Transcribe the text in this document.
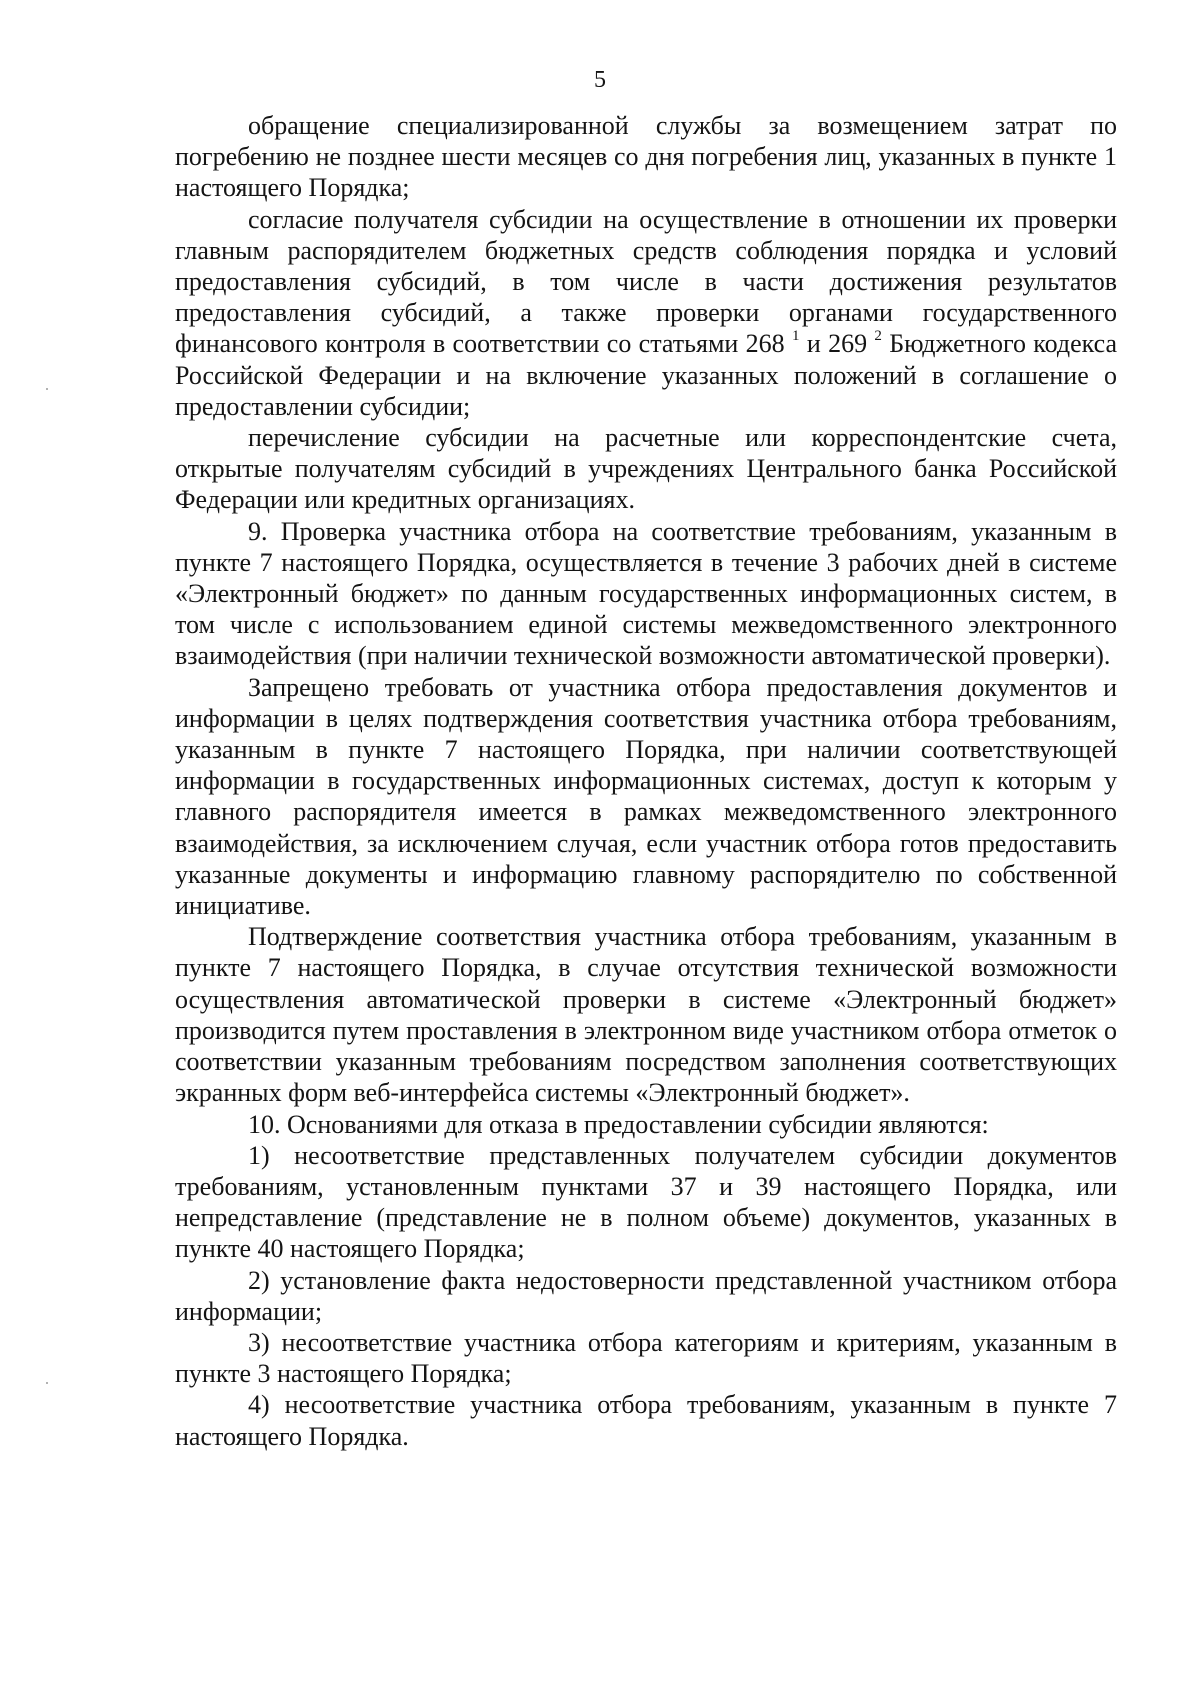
5

обращение специализированной службы за возмещением затрат по погребению не позднее шести месяцев со дня погребения лиц, указанных в пункте 1 настоящего Порядка;

согласие получателя субсидии на осуществление в отношении их проверки главным распорядителем бюджетных средств соблюдения порядка и условий предоставления субсидий, в том числе в части достижения результатов предоставления субсидий, а также проверки органами государственного финансового контроля в соответствии со статьями 268 $^1$ и 269 $^2$ Бюджетного кодекса Российской Федерации и на включение указанных положений в соглашение о предоставлении субсидии;

перечисление субсидии на расчетные или корреспондентские счета, открытые получателям субсидий в учреждениях Центрального банка Российской Федерации или кредитных организациях.

9. Проверка участника отбора на соответствие требованиям, указанным в пункте 7 настоящего Порядка, осуществляется в течение 3 рабочих дней в системе «Электронный бюджет» по данным государственных информационных систем, в том числе с использованием единой системы межведомственного электронного взаимодействия (при наличии технической возможности автоматической проверки).

Запрещено требовать от участника отбора предоставления документов и информации в целях подтверждения соответствия участника отбора требованиям, указанным в пункте 7 настоящего Порядка, при наличии соответствующей информации в государственных информационных системах, доступ к которым у главного распорядителя имеется в рамках межведомственного электронного взаимодействия, за исключением случая, если участник отбора готов предоставить указанные документы и информацию главному распорядителю по собственной инициативе.

Подтверждение соответствия участника отбора требованиям, указанным в пункте 7 настоящего Порядка, в случае отсутствия технической возможности осуществления автоматической проверки в системе «Электронный бюджет» производится путем проставления в электронном виде участником отбора отметок о соответствии указанным требованиям посредством заполнения соответствующих экранных форм веб-интерфейса системы «Электронный бюджет».

10. Основаниями для отказа в предоставлении субсидии являются:

1) несоответствие представленных получателем субсидии документов требованиям, установленным пунктами 37 и 39 настоящего Порядка, или непредставление (представление не в полном объеме) документов, указанных в пункте 40 настоящего Порядка;

2) установление факта недостоверности представленной участником отбора информации;

3) несоответствие участника отбора категориям и критериям, указанным в пункте 3 настоящего Порядка;

4) несоответствие участника отбора требованиям, указанным в пункте 7 настоящего Порядка.
